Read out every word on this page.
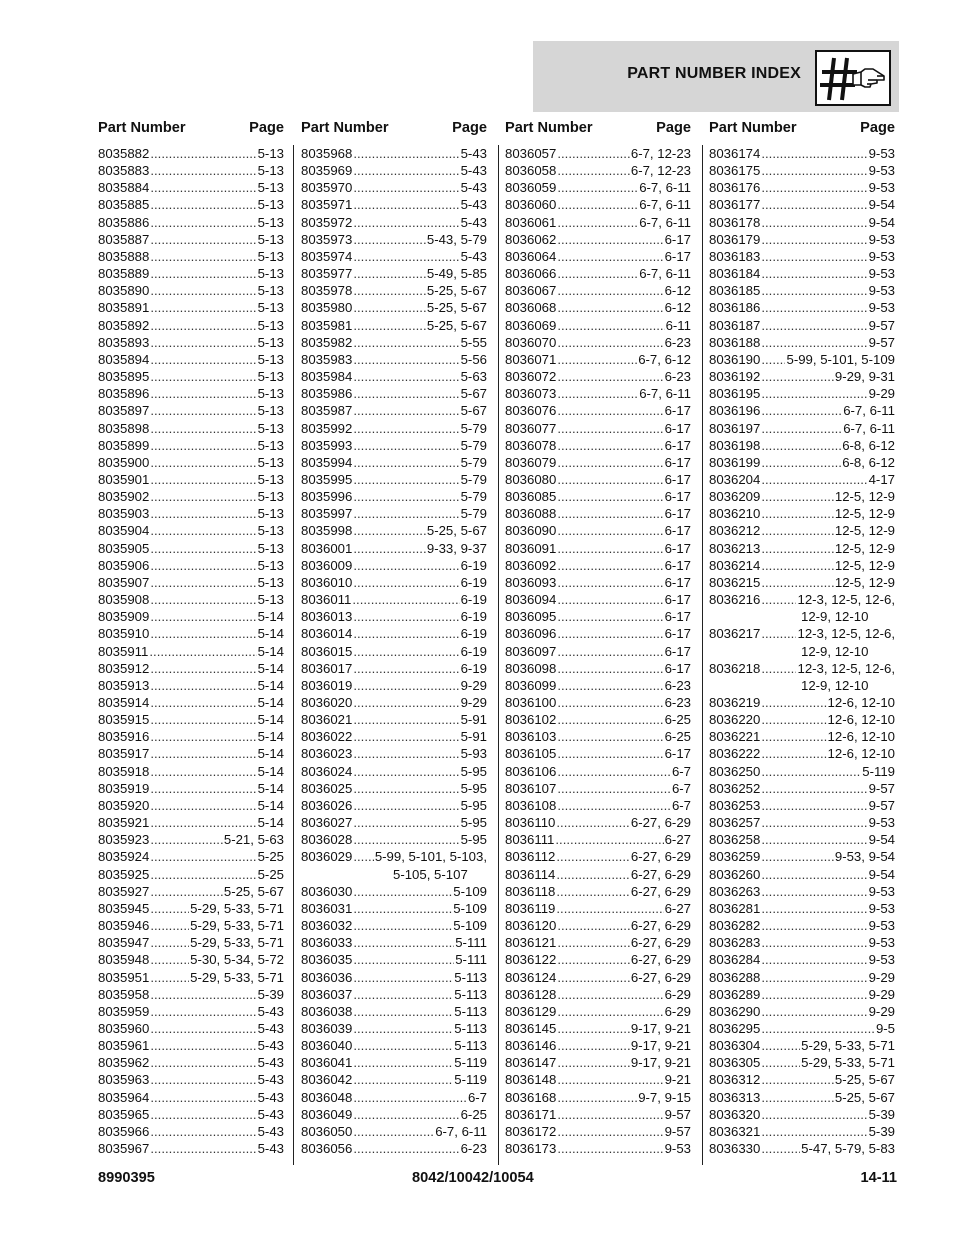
PART NUMBER INDEX
Part Number	Page
8035882 .....	5-13
8035883 .....	5-13
8035884 .....	5-13
8035885 .....	5-13
8035886 .....	5-13
8035887 .....	5-13
8035888 .....	5-13
8035889 .....	5-13
8035890 .....	5-13
8035891 .....	5-13
8035892 .....	5-13
8035893 .....	5-13
8035894 .....	5-13
8035895 .....	5-13
8035896 .....	5-13
8035897 .....	5-13
8035898 .....	5-13
8035899 .....	5-13
8035900 .....	5-13
8035901 .....	5-13
8035902 .....	5-13
8035903 .....	5-13
8035904 .....	5-13
8035905 .....	5-13
8035906 .....	5-13
8035907 .....	5-13
8035908 .....	5-13
8035909 .....	5-14
8035910 .....	5-14
8035911 .....	5-14
8035912 .....	5-14
8035913 .....	5-14
8035914 .....	5-14
8035915 .....	5-14
8035916 .....	5-14
8035917 .....	5-14
8035918 .....	5-14
8035919 .....	5-14
8035920 .....	5-14
8035921 .....	5-14
8035923 .....	5-21, 5-63
8035924 .....	5-25
8035925 .....	5-25
8035927 .....	5-25, 5-67
8035945 .....	5-29, 5-33, 5-71
8035946 .....	5-29, 5-33, 5-71
8035947 .....	5-29, 5-33, 5-71
8035948 .....	5-30, 5-34, 5-72
8035951 .....	5-29, 5-33, 5-71
8035958 .....	5-39
8035959 .....	5-43
8035960 .....	5-43
8035961 .....	5-43
8035962 .....	5-43
8035963 .....	5-43
8035964 .....	5-43
8035965 .....	5-43
8035966 .....	5-43
8035967 .....	5-43
Part Number	Page
8035968 .....	5-43
8035969 .....	5-43
8035970 .....	5-43
8035971 .....	5-43
8035972 .....	5-43
8035973 .....	5-43, 5-79
8035974 .....	5-43
8035977 .....	5-49, 5-85
8035978 .....	5-25, 5-67
8035980 .....	5-25, 5-67
8035981 .....	5-25, 5-67
8035982 .....	5-55
8035983 .....	5-56
8035984 .....	5-63
8035986 .....	5-67
8035987 .....	5-67
8035992 .....	5-79
8035993 .....	5-79
8035994 .....	5-79
8035995 .....	5-79
8035996 .....	5-79
8035997 .....	5-79
8035998 .....	5-25, 5-67
8036001 .....	9-33, 9-37
8036009 .....	6-19
8036010 .....	6-19
8036011 .....	6-19
8036013 .....	6-19
8036014 .....	6-19
8036015 .....	6-19
8036017 .....	6-19
8036019 .....	9-29
8036020 .....	9-29
8036021 .....	5-91
8036022 .....	5-91
8036023 .....	5-93
8036024 .....	5-95
8036025 .....	5-95
8036026 .....	5-95
8036027 .....	5-95
8036028 .....	5-95
8036029 ..... 5-99, 5-101, 5-103,
5-105, 5-107
8036030 .....	5-109
8036031 .....	5-109
8036032 .....	5-109
8036033 .....	5-111
8036035 .....	5-111
8036036 .....	5-113
8036037 .....	5-113
8036038 .....	5-113
8036039 .....	5-113
8036040 .....	5-113
8036041 .....	5-119
8036042 .....	5-119
8036048 .....	6-7
8036049 .....	6-25
8036050 .....	6-7, 6-11
8036056 .....	6-23
Part Number	Page
8036057 .....	6-7, 12-23
8036058 .....	6-7, 12-23
8036059 .....	6-7, 6-11
8036060 .....	6-7, 6-11
8036061 .....	6-7, 6-11
8036062 .....	6-17
8036064 .....	6-17
8036066 .....	6-7, 6-11
8036067 .....	6-12
8036068 .....	6-12
8036069 .....	6-11
8036070 .....	6-23
8036071 .....	6-7, 6-12
8036072 .....	6-23
8036073 .....	6-7, 6-11
8036076 .....	6-17
8036077 .....	6-17
8036078 .....	6-17
8036079 .....	6-17
8036080 .....	6-17
8036085 .....	6-17
8036088 .....	6-17
8036090 .....	6-17
8036091 .....	6-17
8036092 .....	6-17
8036093 .....	6-17
8036094 .....	6-17
8036095 .....	6-17
8036096 .....	6-17
8036097 .....	6-17
8036098 .....	6-17
8036099 .....	6-23
8036100 .....	6-23
8036102 .....	6-25
8036103 .....	6-25
8036105 .....	6-17
8036106 .....	6-7
8036107 .....	6-7
8036108 .....	6-7
8036110 .....	6-27, 6-29
8036111 .....	6-27
8036112 .....	6-27, 6-29
8036114 .....	6-27, 6-29
8036118 .....	6-27, 6-29
8036119 .....	6-27
8036120 .....	6-27, 6-29
8036121 .....	6-27, 6-29
8036122 .....	6-27, 6-29
8036124 .....	6-27, 6-29
8036128 .....	6-29
8036129 .....	6-29
8036145 .....	9-17, 9-21
8036146 .....	9-17, 9-21
8036147 .....	9-17, 9-21
8036148 .....	9-21
8036168 .....	9-7, 9-15
8036171 .....	9-57
8036172 .....	9-57
8036173 .....	9-53
Part Number	Page
8036174 .....	9-53
8036175 .....	9-53
8036176 .....	9-53
8036177 .....	9-54
8036178 .....	9-54
8036179 .....	9-53
8036183 .....	9-53
8036184 .....	9-53
8036185 .....	9-53
8036186 .....	9-53
8036187 .....	9-57
8036188 .....	9-57
8036190 ..... 5-99, 5-101, 5-109
8036192 .....	9-29, 9-31
8036195 .....	9-29
8036196 .....	6-7, 6-11
8036197 .....	6-7, 6-11
8036198 .....	6-8, 6-12
8036199 .....	6-8, 6-12
8036204 .....	4-17
8036209 .....	12-5, 12-9
8036210 .....	12-5, 12-9
8036212 .....	12-5, 12-9
8036213 .....	12-5, 12-9
8036214 .....	12-5, 12-9
8036215 .....	12-5, 12-9
8036216 .....	12-3, 12-5, 12-6,
12-9, 12-10
8036217 .....	12-3, 12-5, 12-6,
12-9, 12-10
8036218 .....	12-3, 12-5, 12-6,
12-9, 12-10
8036219 .....	12-6, 12-10
8036220 .....	12-6, 12-10
8036221 .....	12-6, 12-10
8036222 .....	12-6, 12-10
8036250 .....	5-119
8036252 .....	9-57
8036253 .....	9-57
8036257 .....	9-53
8036258 .....	9-54
8036259 .....	9-53, 9-54
8036260 .....	9-54
8036263 .....	9-53
8036281 .....	9-53
8036282 .....	9-53
8036283 .....	9-53
8036284 .....	9-53
8036288 .....	9-29
8036289 .....	9-29
8036290 .....	9-29
8036295 .....	9-5
8036304 .....	5-29, 5-33, 5-71
8036305 .....	5-29, 5-33, 5-71
8036312 .....	5-25, 5-67
8036313 .....	5-25, 5-67
8036320 .....	5-39
8036321 .....	5-39
8036330 .....	5-47, 5-79, 5-83
8990395	8042/10042/10054	14-11
